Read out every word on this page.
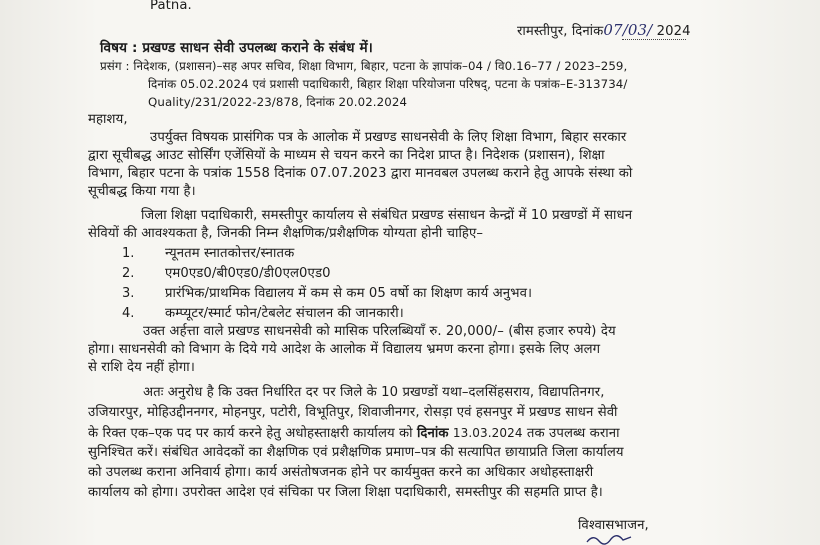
Patna.
रामस्तीपुर, दिनांक07/03/ 2024
विषय : प्रखण्ड साधन सेवी उपलब्ध कराने के संबंध में।
प्रसंग : निदेशक, (प्रशासन)–सह अपर सचिव, शिक्षा विभाग, बिहार, पटना के ज्ञापांक–04 / वि0.16–77 / 2023–259,
दिनांक 05.02.2024 एवं प्रशासी पदाधिकारी, बिहार शिक्षा परियोजना परिषद्, पटना के पत्रांक–E-313734/
Quality/231/2022-23/878, दिनांक 20.02.2024
महाशय,
उपर्युक्त विषयक प्रासंगिक पत्र के आलोक में प्रखण्ड साधनसेवी के लिए शिक्षा विभाग, बिहार सरकार
द्वारा सूचीबद्ध आउट सोर्सिंग एजेंसियों के माध्यम से चयन करने का निदेश प्राप्त है। निदेशक (प्रशासन), शिक्षा
विभाग, बिहार पटना के पत्रांक 1558 दिनांक 07.07.2023 द्वारा मानवबल उपलब्ध कराने हेतु आपके संस्था को
सूचीबद्ध किया गया है।
जिला शिक्षा पदाधिकारी, समस्तीपुर कार्यालय से संबंधित प्रखण्ड संसाधन केन्द्रों में 10 प्रखण्डों में साधन
सेवियों की आवश्यकता है, जिनकी निम्न शैक्षणिक/प्रशैक्षणिक योग्यता होनी चाहिए–
1. न्यूनतम स्नातकोत्तर/स्नातक
2. एम0एड0/बी0एड0/डी0एल0एड0
3. प्रारंभिक/प्राथमिक विद्यालय में कम से कम 05 वर्षो का शिक्षण कार्य अनुभव।
4. कम्प्यूटर/स्मार्ट फोन/टेबलेट संचालन की जानकारी।
उक्त अर्हत्ता वाले प्रखण्ड साधनसेवी को मासिक परिलब्धियाँ रु. 20,000/– (बीस हजार रुपये) देय
होगा। साधनसेवी को विभाग के दिये गये आदेश के आलोक में विद्यालय भ्रमण करना होगा। इसके लिए अलग
से राशि देय नहीं होगा।
अतः अनुरोध है कि उक्त निर्धारित दर पर जिले के 10 प्रखण्डों यथा–दलसिंहसराय, विद्यापतिनगर,
उजियारपुर, मोहिउद्दीननगर, मोहनपुर, पटोरी, विभूतिपुर, शिवाजीनगर, रोसड़ा एवं हसनपुर में प्रखण्ड साधन सेवी
के रिक्त एक–एक पद पर कार्य करने हेतु अधोहस्ताक्षरी कार्यालय को दिनांक 13.03.2024 तक उपलब्ध कराना
सुनिश्चित करें। संबंधित आवेदकों का शैक्षणिक एवं प्रशैक्षणिक प्रमाण–पत्र की सत्यापित छायाप्रति जिला कार्यालय
को उपलब्ध कराना अनिवार्य होगा। कार्य असंतोषजनक होने पर कार्यमुक्त करने का अधिकार अधोहस्ताक्षरी
कार्यालय को होगा। उपरोक्त आदेश एवं संचिका पर जिला शिक्षा पदाधिकारी, समस्तीपुर की सहमति प्राप्त है।
विश्वासभाजन,
